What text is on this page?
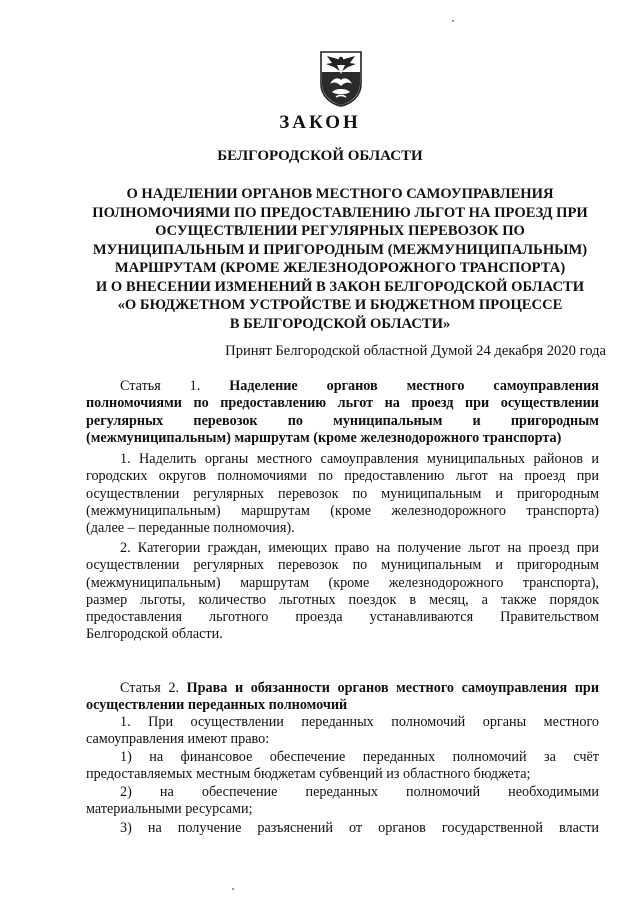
ЗАКОН
БЕЛГОРОДСКОЙ ОБЛАСТИ
О НАДЕЛЕНИИ ОРГАНОВ МЕСТНОГО САМОУПРАВЛЕНИЯ
ПОЛНОМОЧИЯМИ ПО ПРЕДОСТАВЛЕНИЮ ЛЬГОТ НА ПРОЕЗД ПРИ
ОСУЩЕСТВЛЕНИИ РЕГУЛЯРНЫХ ПЕРЕВОЗОК ПО
МУНИЦИПАЛЬНЫМ И ПРИГОРОДНЫМ (МЕЖМУНИЦИПАЛЬНЫМ)
МАРШРУТАМ (КРОМЕ ЖЕЛЕЗНОДОРОЖНОГО ТРАНСПОРТА)
И О ВНЕСЕНИИ ИЗМЕНЕНИЙ В ЗАКОН БЕЛГОРОДСКОЙ ОБЛАСТИ
«О БЮДЖЕТНОМ УСТРОЙСТВЕ И БЮДЖЕТНОМ ПРОЦЕССЕ
В БЕЛГОРОДСКОЙ ОБЛАСТИ»

Принят Белгородской областной Думой 24 декабря 2020 года

Статья 1. Наделение органов местного самоуправления
полномочиями по предоставлению льгот на проезд при осуществлении
регулярных перевозок по муниципальным и пригородным
(межмуниципальным) маршрутам (кроме железнодорожного транспорта)
1. Наделить органы местного самоуправления муниципальных районов и
городских округов полномочиями по предоставлению льгот на проезд при
осуществлении регулярных перевозок по муниципальным и пригородным
(межмуниципальным)   маршрутам   (кроме   железнодорожного   транспорта)
(далее – переданные полномочия).
2. Категории граждан, имеющих право на получение льгот на проезд при
осуществлении регулярных перевозок по муниципальным и пригородным
(межмуниципальным) маршрутам (кроме железнодорожного транспорта),
размер льготы, количество льготных поездок в месяц, а также порядок
предоставления льготного проезда устанавливаются Правительством
Белгородской области.
Статья 2. Права и обязанности органов местного самоуправления при
осуществлении переданных полномочий
1. При осуществлении переданных полномочий органы местного
самоуправления имеют право:
1) на финансовое обеспечение переданных полномочий за счёт
предоставляемых местным бюджетам субвенций из областного бюджета;
2) на обеспечение переданных полномочий необходимыми
материальными ресурсами;
3) на получение разъяснений от органов государственной власти
